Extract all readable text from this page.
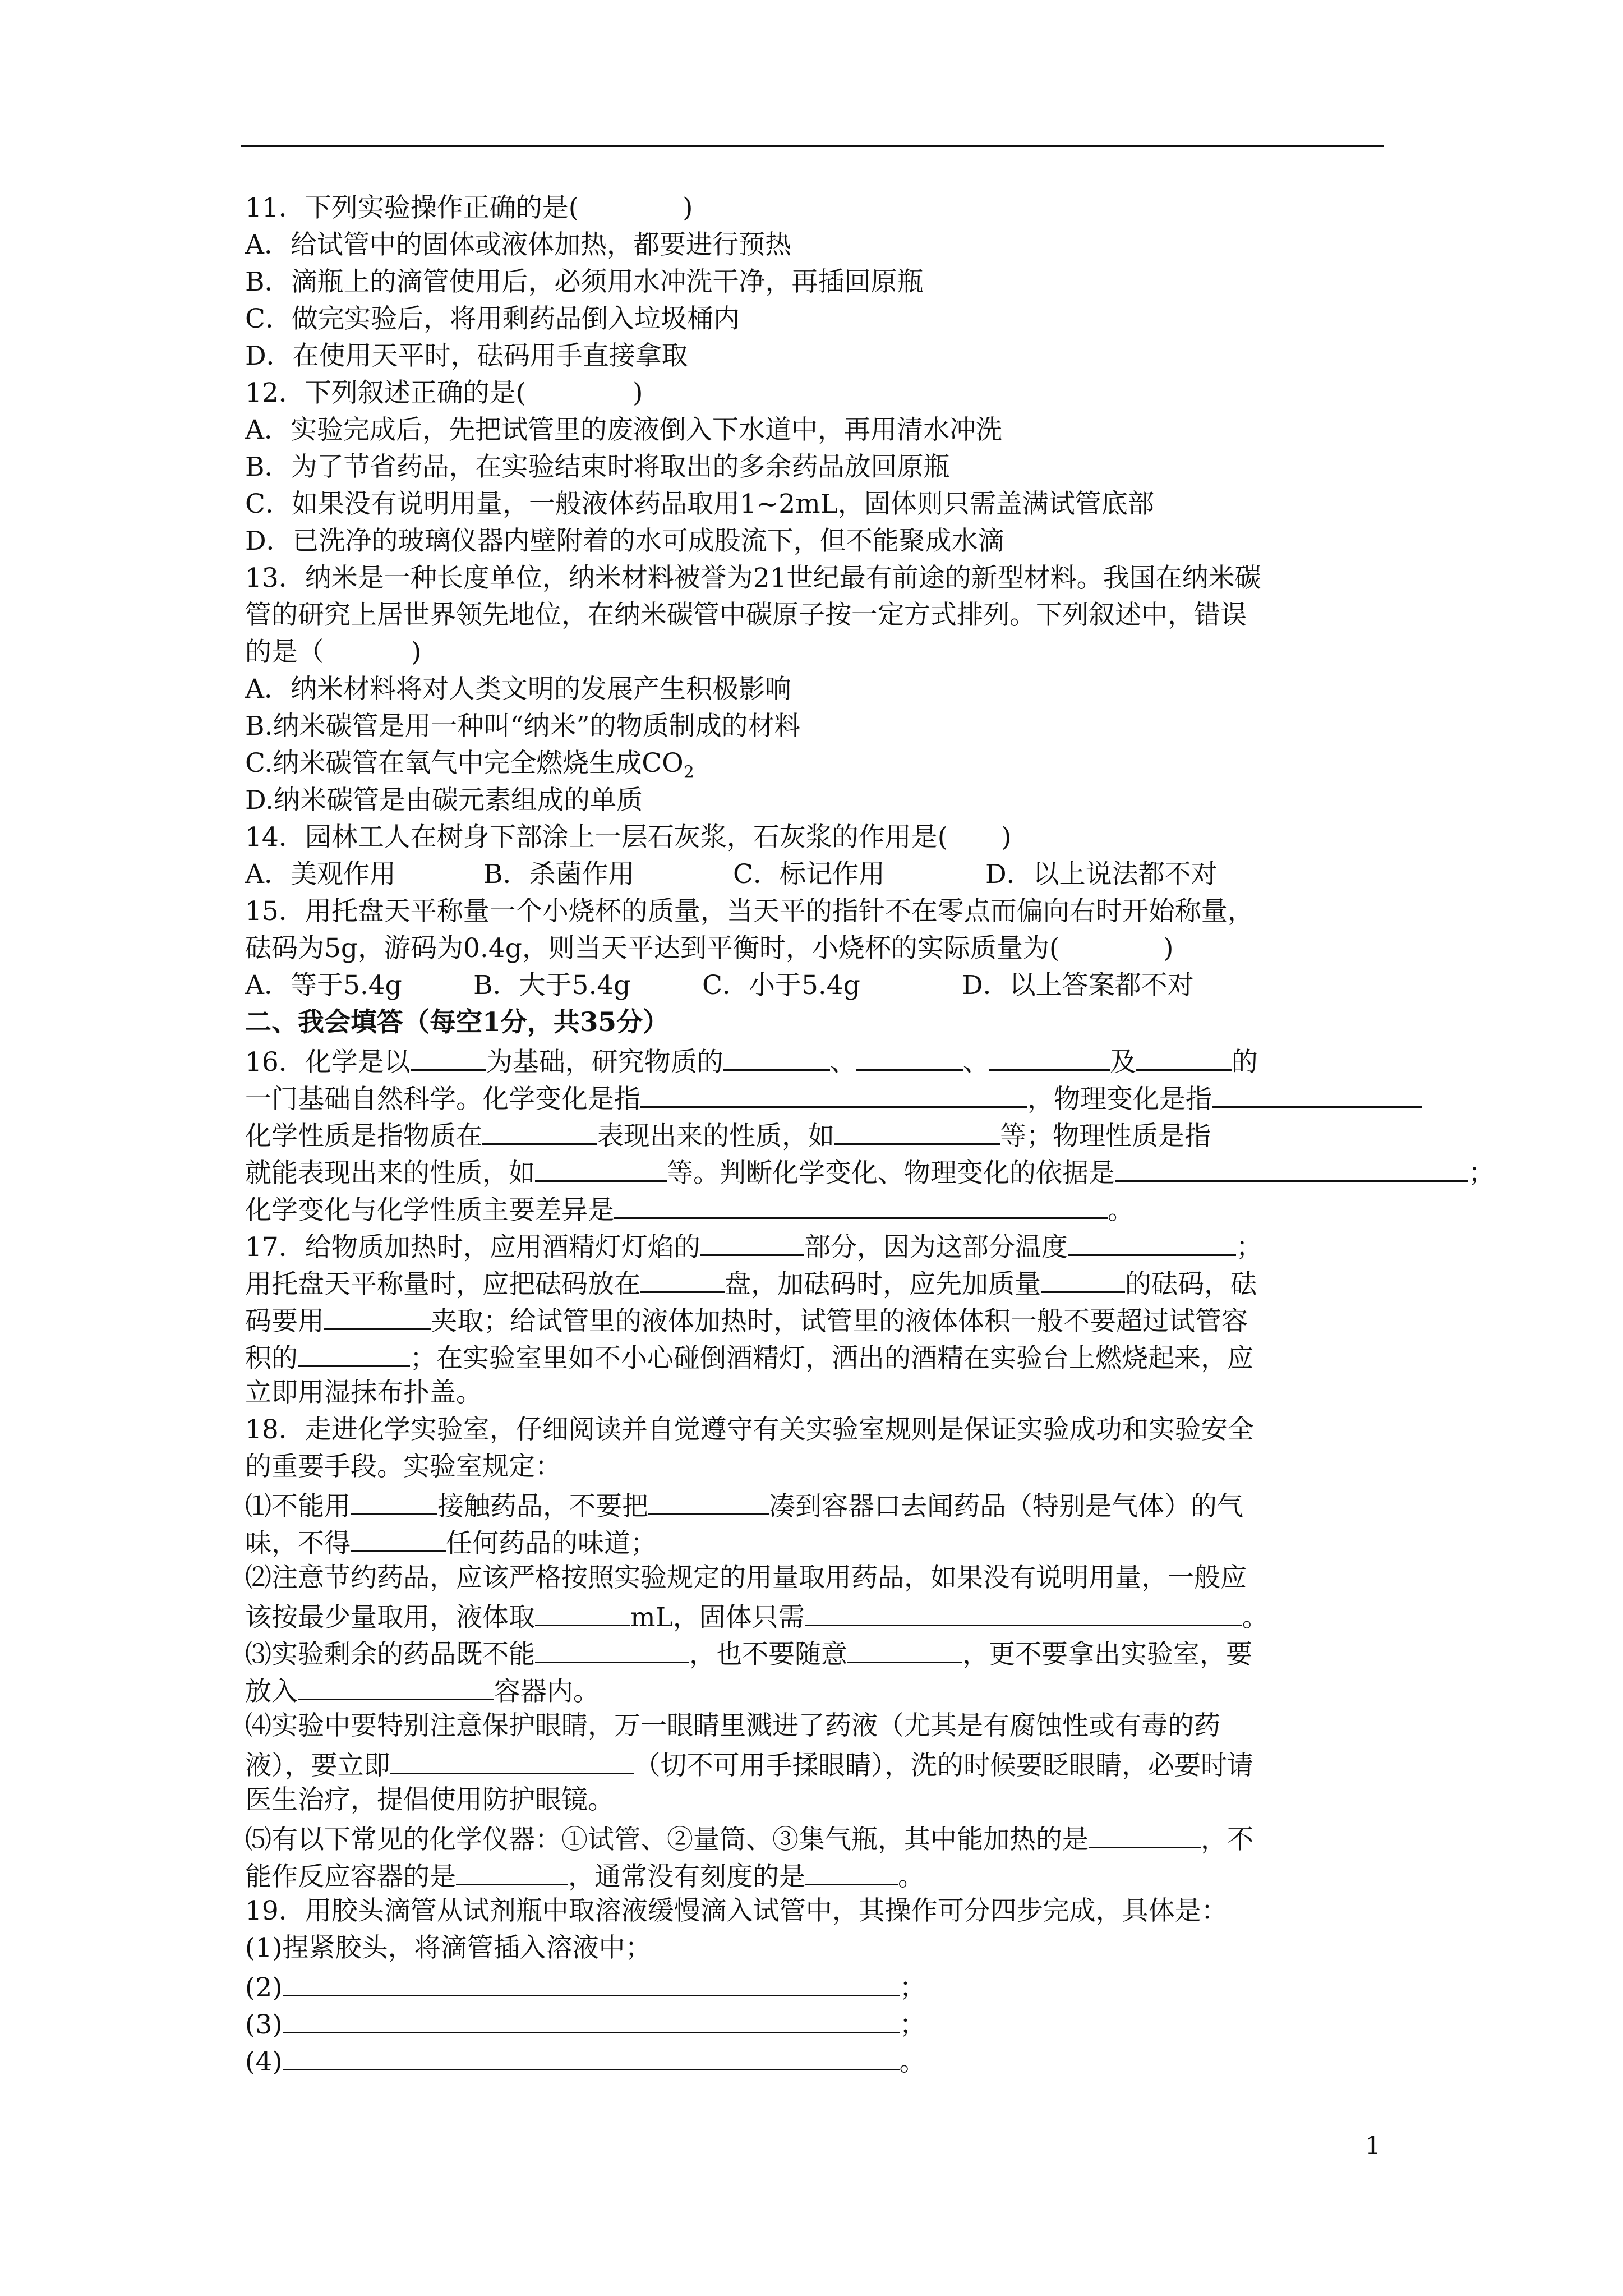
11．下列实验操作正确的是(	)
A．给试管中的固体或液体加热，都要进行预热
B．滴瓶上的滴管使用后，必须用水冲洗干净，再插回原瓶
C．做完实验后，将用剩药品倒入垃圾桶内
D．在使用天平时，砝码用手直接拿取
12．下列叙述正确的是(	)
A．实验完成后，先把试管里的废液倒入下水道中，再用清水冲洗
B．为了节省药品，在实验结束时将取出的多余药品放回原瓶
C．如果没有说明用量，一般液体药品取用1~2mL，固体则只需盖满试管底部
D．已洗净的玻璃仪器内壁附着的水可成股流下，但不能聚成水滴
13．纳米是一种长度单位，纳米材料被誉为21世纪最有前途的新型材料。我国在纳米碳
管的研究上居世界领先地位，在纳米碳管中碳原子按一定方式排列。下列叙述中，错误
的是（	)
A．纳米材料将对人类文明的发展产生积极影响
B.纳米碳管是用一种叫“纳米”的物质制成的材料
C.纳米碳管在氧气中完全燃烧生成$CO_2$
D.纳米碳管是由碳元素组成的单质
14．园林工人在树身下部涂上一层石灰浆，石灰浆的作用是( )
A．美观作用	B．杀菌作用	C．标记作用	D．以上说法都不对
15．用托盘天平称量一个小烧杯的质量，当天平的指针不在零点而偏向右时开始称量，
砝码为5g，游码为0.4g，则当天平达到平衡时，小烧杯的实际质量为(	)
A．等于5.4g	B．大于5.4g	C．小于5.4g	D．以上答案都不对
二、我会填答（每空1分，共35分）
16．化学是以	为基础，研究物质的	、	、	及	的
一门基础自然科学。化学变化是指	，物理变化是指
化学性质是指物质在	表现出来的性质，如	等；物理性质是指
就能表现出来的性质，如	等。判断化学变化、物理变化的依据是	；
化学变化与化学性质主要差异是	。
17．给物质加热时，应用酒精灯灯焰的	部分，因为这部分温度	；
用托盘天平称量时，应把砝码放在	盘，加砝码时，应先加质量	的砝码，砝
码要用	夹取；给试管里的液体加热时，试管里的液体体积一般不要超过试管容
积的	；在实验室里如不小心碰倒酒精灯，洒出的酒精在实验台上燃烧起来，应
立即用湿抹布扑盖。
18．走进化学实验室，仔细阅读并自觉遵守有关实验室规则是保证实验成功和实验安全
的重要手段。实验室规定：
⑴不能用	接触药品，不要把	凑到容器口去闻药品（特别是气体）的气
味，不得	任何药品的味道；
⑵注意节约药品，应该严格按照实验规定的用量取用药品，如果没有说明用量，一般应
该按最少量取用，液体取	mL，固体只需	。
⑶实验剩余的药品既不能	，也不要随意	，更不要拿出实验室，要
放入	容器内。
⑷实验中要特别注意保护眼睛，万一眼睛里溅进了药液（尤其是有腐蚀性或有毒的药
液），要立即	（切不可用手揉眼睛），洗的时候要眨眼睛，必要时请
医生治疗，提倡使用防护眼镜。
⑸有以下常见的化学仪器：①试管、②量筒、③集气瓶，其中能加热的是	，不
能作反应容器的是	，通常没有刻度的是	。
19．用胶头滴管从试剂瓶中取溶液缓慢滴入试管中，其操作可分四步完成，具体是：
(1)捏紧胶头，将滴管插入溶液中；
(2)	；
(3)	；
(4)	。
1
